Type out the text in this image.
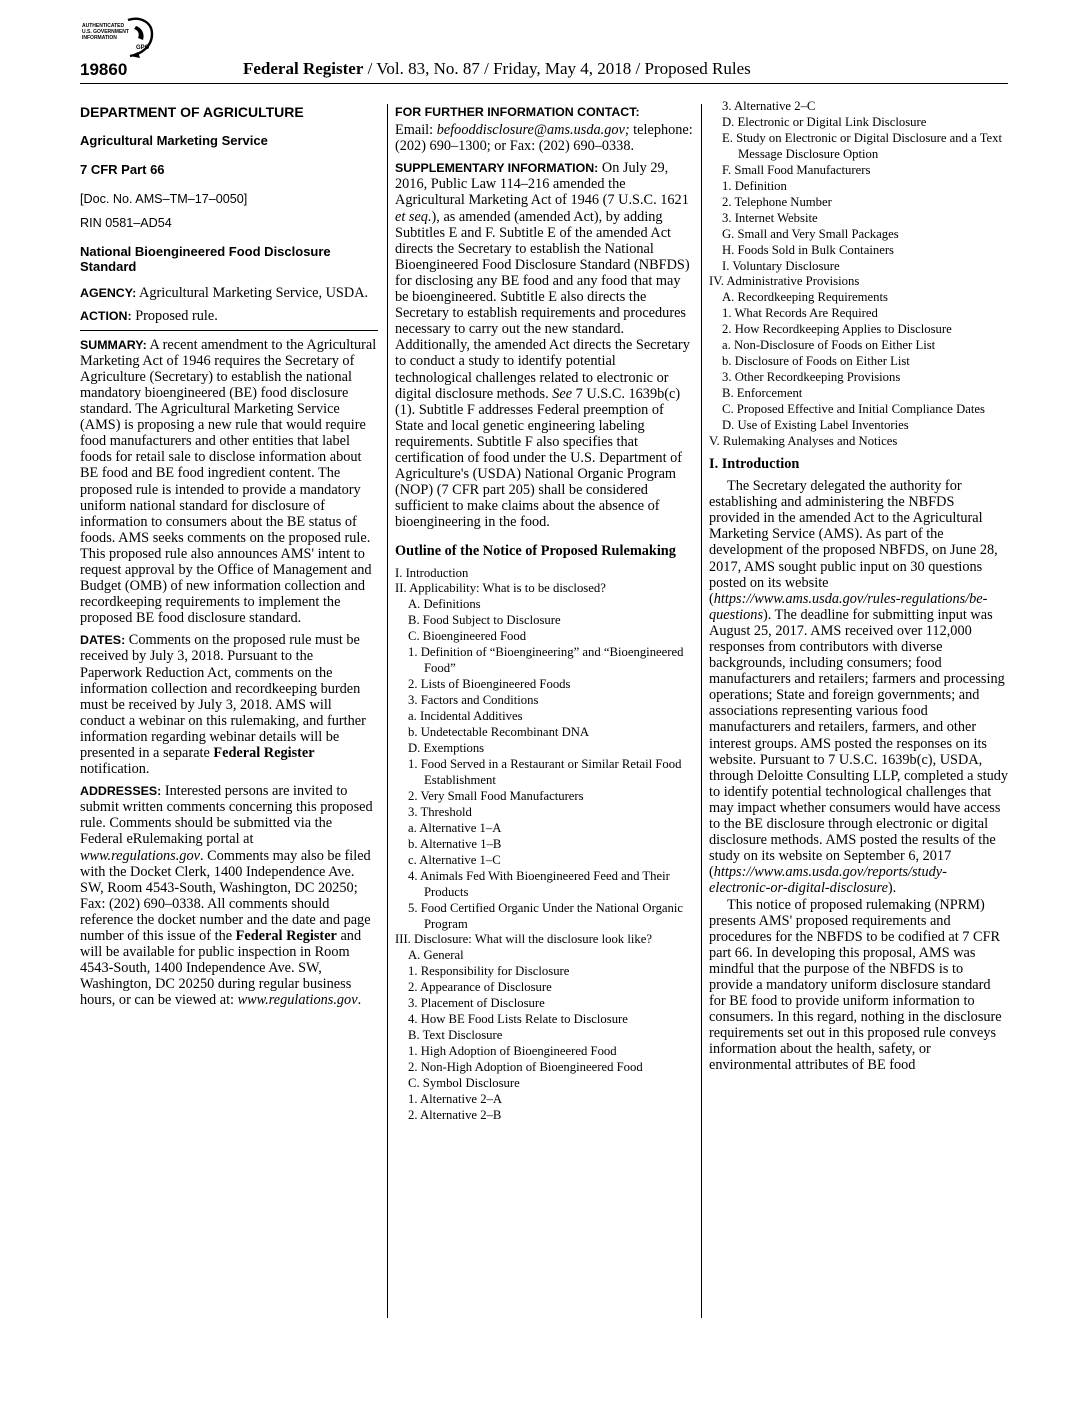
AUTHENTICATED
U.S. GOVERNMENT
INFORMATION
GPO
19860	Federal Register / Vol. 83, No. 87 / Friday, May 4, 2018 / Proposed Rules

DEPARTMENT OF AGRICULTURE

Agricultural Marketing Service

7 CFR Part 66

[Doc. No. AMS–TM–17–0050]

RIN 0581–AD54

National Bioengineered Food Disclosure Standard

AGENCY: Agricultural Marketing Service, USDA.

ACTION: Proposed rule.

SUMMARY: A recent amendment to the Agricultural Marketing Act of 1946 requires the Secretary of Agriculture (Secretary) to establish the national mandatory bioengineered (BE) food disclosure standard. The Agricultural Marketing Service (AMS) is proposing a new rule that would require food manufacturers and other entities that label foods for retail sale to disclose information about BE food and BE food ingredient content. The proposed rule is intended to provide a mandatory uniform national standard for disclosure of information to consumers about the BE status of foods. AMS seeks comments on the proposed rule. This proposed rule also announces AMS' intent to request approval by the Office of Management and Budget (OMB) of new information collection and recordkeeping requirements to implement the proposed BE food disclosure standard.

DATES: Comments on the proposed rule must be received by July 3, 2018. Pursuant to the Paperwork Reduction Act, comments on the information collection and recordkeeping burden must be received by July 3, 2018. AMS will conduct a webinar on this rulemaking, and further information regarding webinar details will be presented in a separate Federal Register notification.

ADDRESSES: Interested persons are invited to submit written comments concerning this proposed rule. Comments should be submitted via the Federal eRulemaking portal at www.regulations.gov. Comments may also be filed with the Docket Clerk, 1400 Independence Ave. SW, Room 4543-South, Washington, DC 20250; Fax: (202) 690–0338. All comments should reference the docket number and the date and page number of this issue of the Federal Register and will be available for public inspection in Room 4543-South, 1400 Independence Ave. SW, Washington, DC 20250 during regular business hours, or can be viewed at: www.regulations.gov.

FOR FURTHER INFORMATION CONTACT:

Email: befooddisclosure@ams.usda.gov; telephone: (202) 690–1300; or Fax: (202) 690–0338.

SUPPLEMENTARY INFORMATION: On July 29, 2016, Public Law 114–216 amended the Agricultural Marketing Act of 1946 (7 U.S.C. 1621 et seq.), as amended (amended Act), by adding Subtitles E and F. Subtitle E of the amended Act directs the Secretary to establish the National Bioengineered Food Disclosure Standard (NBFDS) for disclosing any BE food and any food that may be bioengineered. Subtitle E also directs the Secretary to establish requirements and procedures necessary to carry out the new standard. Additionally, the amended Act directs the Secretary to conduct a study to identify potential technological challenges related to electronic or digital disclosure methods. See 7 U.S.C. 1639b(c)(1). Subtitle F addresses Federal preemption of State and local genetic engineering labeling requirements. Subtitle F also specifies that certification of food under the U.S. Department of Agriculture's (USDA) National Organic Program (NOP) (7 CFR part 205) shall be considered sufficient to make claims about the absence of bioengineering in the food.

Outline of the Notice of Proposed Rulemaking

I. Introduction
II. Applicability: What is to be disclosed?
A. Definitions
B. Food Subject to Disclosure
C. Bioengineered Food
1. Definition of “Bioengineering” and “Bioengineered Food”
2. Lists of Bioengineered Foods
3. Factors and Conditions
a. Incidental Additives
b. Undetectable Recombinant DNA
D. Exemptions
1. Food Served in a Restaurant or Similar Retail Food Establishment
2. Very Small Food Manufacturers
3. Threshold
a. Alternative 1–A
b. Alternative 1–B
c. Alternative 1–C
4. Animals Fed With Bioengineered Feed and Their Products
5. Food Certified Organic Under the National Organic Program
III. Disclosure: What will the disclosure look like?
A. General
1. Responsibility for Disclosure
2. Appearance of Disclosure
3. Placement of Disclosure
4. How BE Food Lists Relate to Disclosure
B. Text Disclosure
1. High Adoption of Bioengineered Food
2. Non-High Adoption of Bioengineered Food
C. Symbol Disclosure
1. Alternative 2–A
2. Alternative 2–B
3. Alternative 2–C
D. Electronic or Digital Link Disclosure
E. Study on Electronic or Digital Disclosure and a Text Message Disclosure Option
F. Small Food Manufacturers
1. Definition
2. Telephone Number
3. Internet Website
G. Small and Very Small Packages
H. Foods Sold in Bulk Containers
I. Voluntary Disclosure
IV. Administrative Provisions
A. Recordkeeping Requirements
1. What Records Are Required
2. How Recordkeeping Applies to Disclosure
a. Non-Disclosure of Foods on Either List
b. Disclosure of Foods on Either List
3. Other Recordkeeping Provisions
B. Enforcement
C. Proposed Effective and Initial Compliance Dates
D. Use of Existing Label Inventories
V. Rulemaking Analyses and Notices

I. Introduction

The Secretary delegated the authority for establishing and administering the NBFDS provided in the amended Act to the Agricultural Marketing Service (AMS). As part of the development of the proposed NBFDS, on June 28, 2017, AMS sought public input on 30 questions posted on its website (https://www.ams.usda.gov/rules-regulations/be-questions). The deadline for submitting input was August 25, 2017. AMS received over 112,000 responses from contributors with diverse backgrounds, including consumers; food manufacturers and retailers; farmers and processing operations; State and foreign governments; and associations representing various food manufacturers and retailers, farmers, and other interest groups. AMS posted the responses on its website. Pursuant to 7 U.S.C. 1639b(c), USDA, through Deloitte Consulting LLP, completed a study to identify potential technological challenges that may impact whether consumers would have access to the BE disclosure through electronic or digital disclosure methods. AMS posted the results of the study on its website on September 6, 2017 (https://www.ams.usda.gov/reports/study-electronic-or-digital-disclosure).

This notice of proposed rulemaking (NPRM) presents AMS' proposed requirements and procedures for the NBFDS to be codified at 7 CFR part 66. In developing this proposal, AMS was mindful that the purpose of the NBFDS is to provide a mandatory uniform disclosure standard for BE food to provide uniform information to consumers. In this regard, nothing in the disclosure requirements set out in this proposed rule conveys information about the health, safety, or environmental attributes of BE food
